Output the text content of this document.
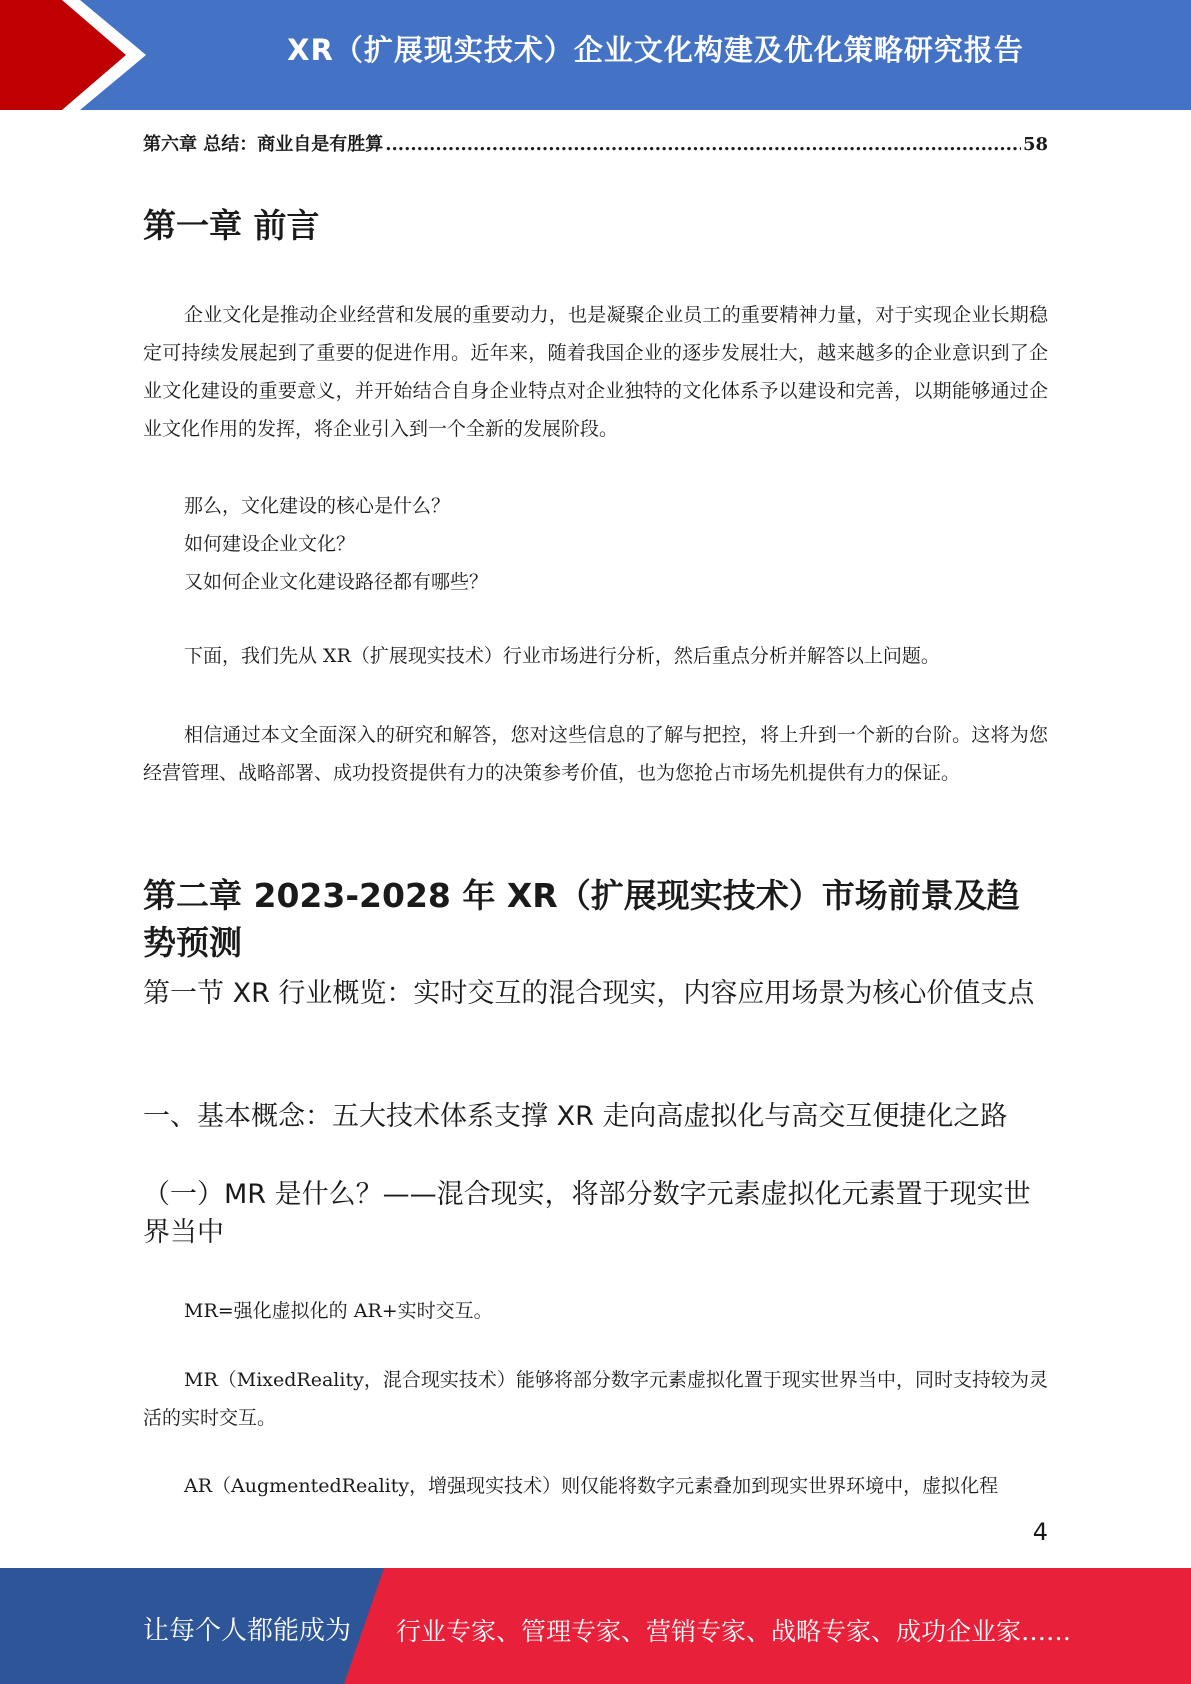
XR（扩展现实技术）企业文化构建及优化策略研究报告
第六章 总结：商业自是有胜算
.....	58
第一章 前言

企业文化是推动企业经营和发展的重要动力，也是凝聚企业员工的重要精神力量，对于实现企业长期稳定可持续发展起到了重要的促进作用。近年来，随着我国企业的逐步发展壮大，越来越多的企业意识到了企业文化建设的重要意义，并开始结合自身企业特点对企业独特的文化体系予以建设和完善，以期能够通过企业文化作用的发挥，将企业引入到一个全新的发展阶段。

那么，文化建设的核心是什么？

如何建设企业文化？

又如何企业文化建设路径都有哪些？

下面，我们先从 XR（扩展现实技术）行业市场进行分析，然后重点分析并解答以上问题。

相信通过本文全面深入的研究和解答，您对这些信息的了解与把控，将上升到一个新的台阶。这将为您经营管理、战略部署、成功投资提供有力的决策参考价值，也为您抢占市场先机提供有力的保证。

第二章 2023-2028 年 XR（扩展现实技术）市场前景及趋势预测
第一节 XR 行业概览：实时交互的混合现实，内容应用场景为核心价值支点
一、基本概念：五大技术体系支撑 XR 走向高虚拟化与高交互便捷化之路
（一）MR 是什么？——混合现实，将部分数字元素虚拟化元素置于现实世界当中

MR=强化虚拟化的 AR+实时交互。

MR（MixedReality，混合现实技术）能够将部分数字元素虚拟化置于现实世界当中，同时支持较为灵活的实时交互。

AR（AugmentedReality，增强现实技术）则仅能将数字元素叠加到现实世界环境中，虚拟化程

4
让每个人都能成为 行业专家、管理专家、营销专家、战略专家、成功企业家……
